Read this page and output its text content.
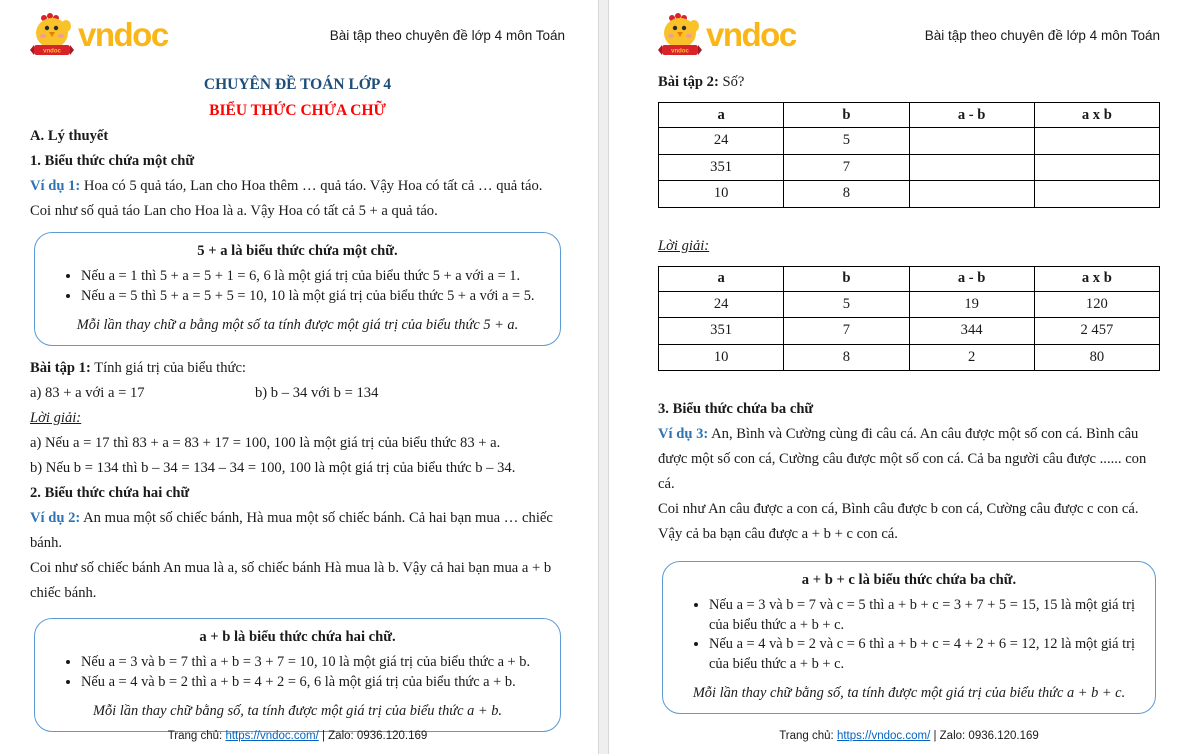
vndoc vndoc	Bài tập theo chuyên đề lớp 4 môn Toán
CHUYÊN ĐỀ TOÁN LỚP 4
BIỂU THỨC CHỨA CHỮ

A. Lý thuyết

1. Biểu thức chứa một chữ

Ví dụ 1: Hoa có 5 quả táo, Lan cho Hoa thêm … quả táo. Vậy Hoa có tất cả … quả táo.

Coi như số quả táo Lan cho Hoa là a. Vậy Hoa có tất cả 5 + a quả táo.

5 + a là biểu thức chứa một chữ.
• Nếu a = 1 thì 5 + a = 5 + 1 = 6, 6 là một giá trị của biểu thức 5 + a với a = 1.
• Nếu a = 5 thì 5 + a = 5 + 5 = 10, 10 là một giá trị của biểu thức 5 + a với a = 5.
Mỗi lần thay chữ a bằng một số ta tính được một giá trị của biểu thức 5 + a.

Bài tập 1: Tính giá trị của biểu thức:

a) 83 + a với a = 17	b) b – 34 với b = 134

Lời giải:

a) Nếu a = 17 thì 83 + a = 83 + 17 = 100, 100 là một giá trị của biểu thức 83 + a.

b) Nếu b = 134 thì b – 34 = 134 – 34 = 100, 100 là một giá trị của biểu thức b – 34.

2. Biểu thức chứa hai chữ

Ví dụ 2: An mua một số chiếc bánh, Hà mua một số chiếc bánh. Cả hai bạn mua … chiếc bánh.

Coi như số chiếc bánh An mua là a, số chiếc bánh Hà mua là b. Vậy cả hai bạn mua a + b chiếc bánh.

a + b là biểu thức chứa hai chữ.
• Nếu a = 3 và b = 7 thì a + b = 3 + 7 = 10, 10 là một giá trị của biểu thức a + b.
• Nếu a = 4 và b = 2 thì a + b = 4 + 2 = 6, 6 là một giá trị của biểu thức a + b.
Mỗi lần thay chữ bằng số, ta tính được một giá trị của biểu thức a + b.
Trang chủ: https://vndoc.com/ | Zalo: 0936.120.169
vndoc vndoc	Bài tập theo chuyên đề lớp 4 môn Toán

Bài tập 2: Số?

a	b	a - b	a x b
24	5		
351	7		
10	8		

Lời giải:

a	b	a - b	a x b
24	5	19	120
351	7	344	2 457
10	8	2	80

3. Biểu thức chứa ba chữ

Ví dụ 3: An, Bình và Cường cùng đi câu cá. An câu được một số con cá. Bình câu được một số con cá, Cường câu được một số con cá. Cả ba người câu được ...... con cá.

Coi như An câu được a con cá, Bình câu được b con cá, Cường câu được c con cá. Vậy cả ba bạn câu được a + b + c con cá.

a + b + c là biểu thức chứa ba chữ.
• Nếu a = 3 và b = 7 và c = 5 thì a + b + c = 3 + 7 + 5 = 15, 15 là một giá trị của biểu thức a + b + c.
• Nếu a = 4 và b = 2 và c = 6 thì a + b + c = 4 + 2 + 6 = 12, 12 là một giá trị của biểu thức a + b + c.
Mỗi lần thay chữ bằng số, ta tính được một giá trị của biểu thức a + b + c.
Trang chủ: https://vndoc.com/ | Zalo: 0936.120.169
